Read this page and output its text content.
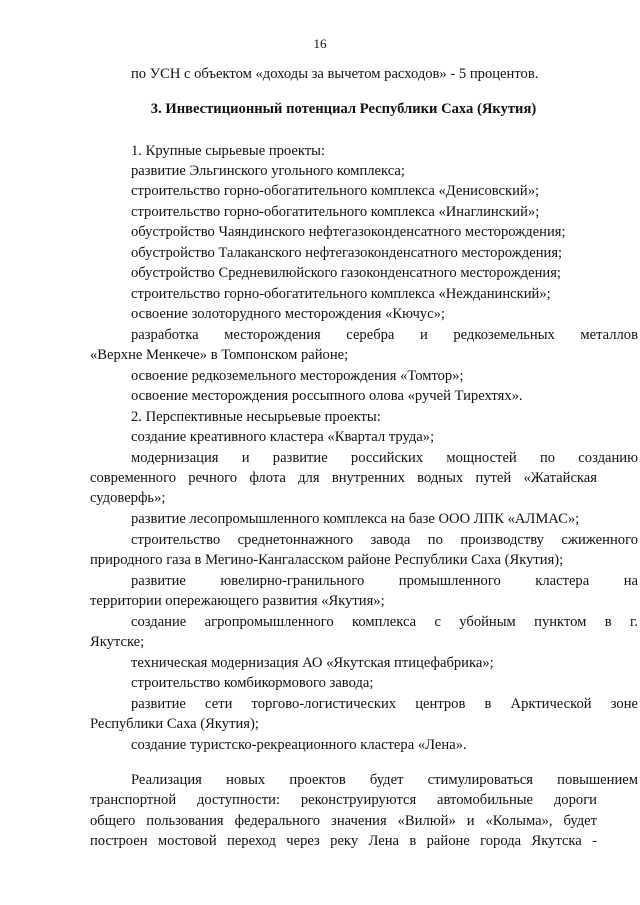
16
по УСН с объектом «доходы за вычетом расходов» - 5 процентов.
3. Инвестиционный потенциал Республики Саха (Якутия)
1. Крупные сырьевые проекты:
развитие Эльгинского угольного комплекса;
строительство горно-обогатительного комплекса «Денисовский»;
строительство горно-обогатительного комплекса «Инаглинский»;
обустройство Чаяндинского нефтегазоконденсатного месторождения;
обустройство Талаканского нефтегазоконденсатного месторождения;
обустройство Средневилюйского газоконденсатного месторождения;
строительство горно-обогатительного комплекса «Нежданинский»;
освоение золоторудного месторождения «Кючус»;
разработка месторождения серебра и редкоземельных металлов
«Верхне Менкече» в Томпонском районе;
освоение редкоземельного месторождения «Томтор»;
освоение месторождения россыпного олова «ручей Тирехтях».
2. Перспективные несырьевые проекты:
создание креативного кластера «Квартал труда»;
модернизация и развитие российских мощностей по созданию
современного речного флота для внутренних водных путей «Жатайская
судоверфь»;
развитие лесопромышленного комплекса на базе ООО ЛПК «АЛМАС»;
строительство среднетоннажного завода по производству сжиженного
природного газа в Мегино-Кангаласском районе Республики Саха (Якутия);
развитие ювелирно-гранильного промышленного кластера на
территории опережающего развития «Якутия»;
создание агропромышленного комплекса с убойным пунктом в г.
Якутске;
техническая модернизация АО «Якутская птицефабрика»;
строительство комбикормового завода;
развитие сети торгово-логистических центров в Арктической зоне
Республики Саха (Якутия);
создание туристско-рекреационного кластера «Лена».
Реализация новых проектов будет стимулироваться повышением
транспортной доступности: реконструируются автомобильные дороги
общего пользования федерального значения «Вилюй» и «Колыма», будет
построен мостовой переход через реку Лена в районе города Якутска -
